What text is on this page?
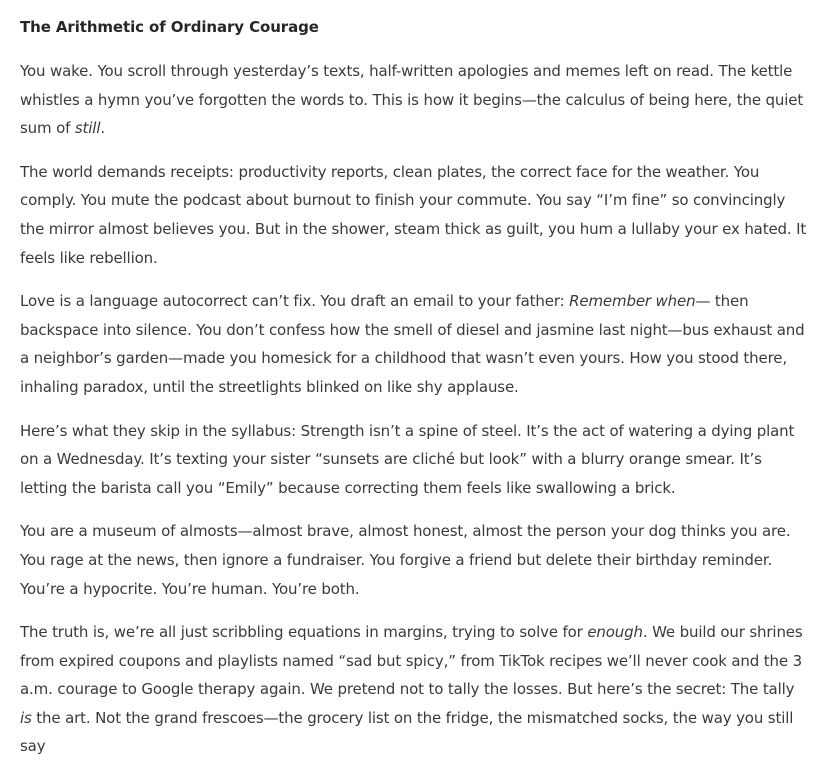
The Arithmetic of Ordinary Courage

You wake. You scroll through yesterday’s texts, half-written apologies and memes left on read. The kettle whistles a hymn you’ve forgotten the words to. This is how it begins—the calculus of being here, the quiet sum of still.

The world demands receipts: productivity reports, clean plates, the correct face for the weather. You comply. You mute the podcast about burnout to finish your commute. You say “I’m fine” so convincingly the mirror almost believes you. But in the shower, steam thick as guilt, you hum a lullaby your ex hated. It feels like rebellion.

Love is a language autocorrect can’t fix. You draft an email to your father: Remember when— then backspace into silence. You don’t confess how the smell of diesel and jasmine last night—bus exhaust and a neighbor’s garden—made you homesick for a childhood that wasn’t even yours. How you stood there, inhaling paradox, until the streetlights blinked on like shy applause.

Here’s what they skip in the syllabus: Strength isn’t a spine of steel. It’s the act of watering a dying plant on a Wednesday. It’s texting your sister “sunsets are cliché but look” with a blurry orange smear. It’s letting the barista call you “Emily” because correcting them feels like swallowing a brick.

You are a museum of almosts—almost brave, almost honest, almost the person your dog thinks you are. You rage at the news, then ignore a fundraiser. You forgive a friend but delete their birthday reminder. You’re a hypocrite. You’re human. You’re both.

The truth is, we’re all just scribbling equations in margins, trying to solve for enough. We build our shrines from expired coupons and playlists named “sad but spicy,” from TikTok recipes we’ll never cook and the 3 a.m. courage to Google therapy again. We pretend not to tally the losses. But here’s the secret: The tally is the art. Not the grand frescoes—the grocery list on the fridge, the mismatched socks, the way you still say
